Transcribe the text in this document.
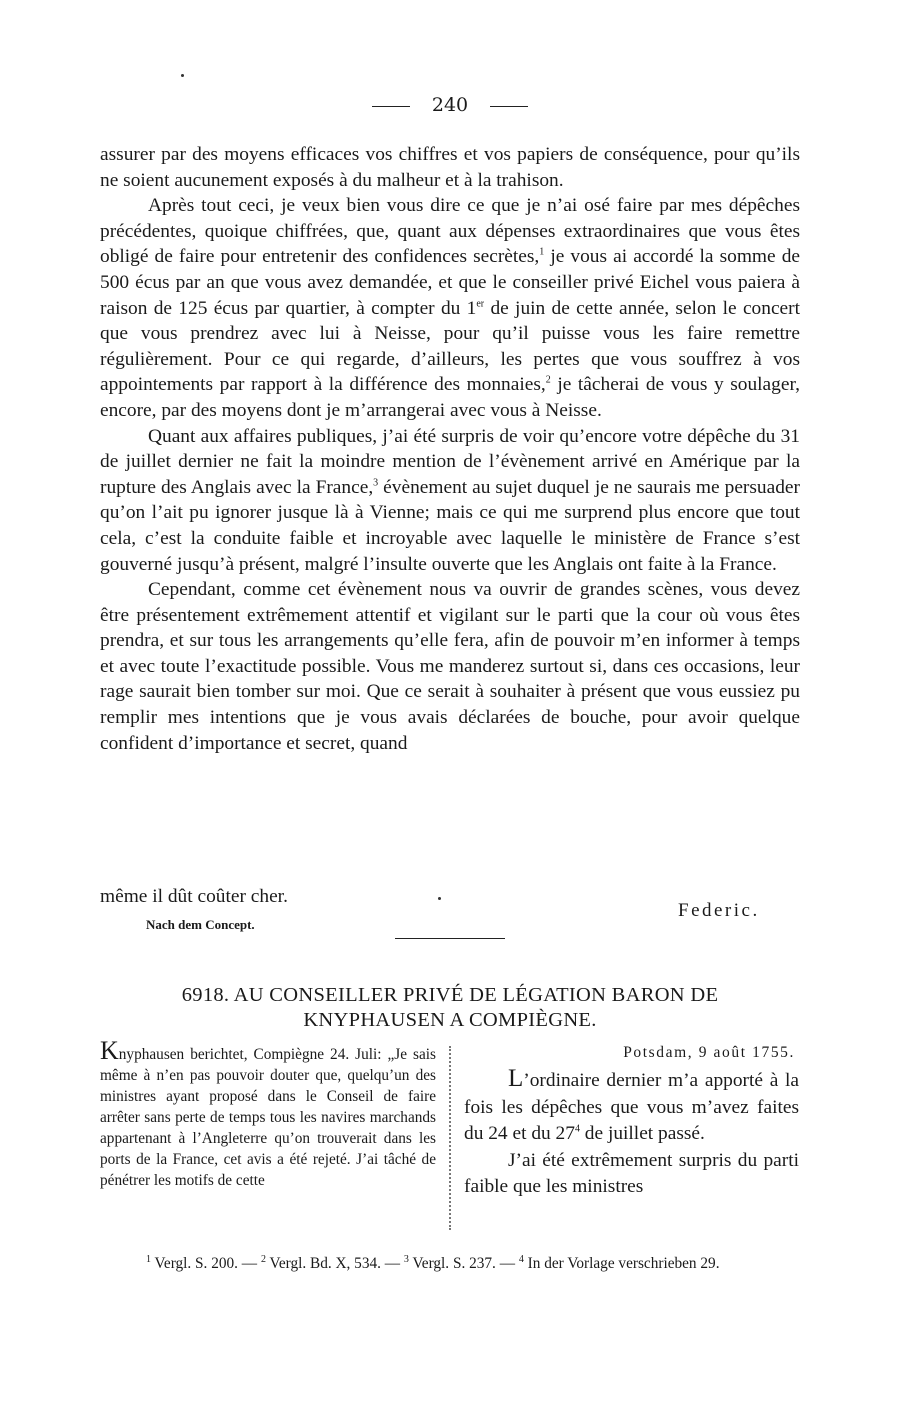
240

assurer par des moyens efficaces vos chiffres et vos papiers de conséquence, pour qu’ils ne soient aucunement exposés à du malheur et à la trahison.

Après tout ceci, je veux bien vous dire ce que je n’ai osé faire par mes dépêches précédentes, quoique chiffrées, que, quant aux dépenses extraordinaires que vous êtes obligé de faire pour entretenir des confidences secrètes,$^1$ je vous ai accordé la somme de 500 écus par an que vous avez demandée, et que le conseiller privé Eichel vous paiera à raison de 125 écus par quartier, à compter du 1er de juin de cette année, selon le concert que vous prendrez avec lui à Neisse, pour qu’il puisse vous les faire remettre régulièrement. Pour ce qui regarde, d’ailleurs, les pertes que vous souffrez à vos appointements par rapport à la différence des monnaies,$^2$ je tâcherai de vous y soulager, encore, par des moyens dont je m’arrangerai avec vous à Neisse.

Quant aux affaires publiques, j’ai été surpris de voir qu’encore votre dépêche du 31 de juillet dernier ne fait la moindre mention de l’évènement arrivé en Amérique par la rupture des Anglais avec la France,$^3$ évènement au sujet duquel je ne saurais me persuader qu’on l’ait pu ignorer jusque là à Vienne; mais ce qui me surprend plus encore que tout cela, c’est la conduite faible et incroyable avec laquelle le ministère de France s’est gouverné jusqu’à présent, malgré l’insulte ouverte que les Anglais ont faite à la France.

Cependant, comme cet évènement nous va ouvrir de grandes scènes, vous devez être présentement extrêmement attentif et vigilant sur le parti que la cour où vous êtes prendra, et sur tous les arrangements qu’elle fera, afin de pouvoir m’en informer à temps et avec toute l’exactitude possible. Vous me manderez surtout si, dans ces occasions, leur rage saurait bien tomber sur moi. Que ce serait à souhaiter à présent que vous eussiez pu remplir mes intentions que je vous avais déclarées de bouche, pour avoir quelque confident d’importance et secret, quand

même il dût coûter cher.
Federic.
Nach dem Concept.
6918. AU CONSEILLER PRIVÉ DE LÉGATION BARON DE
KNYPHAUSEN A COMPIÈGNE.

Knyphausen berichtet, Compiègne 24. Juli: „Je sais même à n’en pas pouvoir douter que, quelqu’un des ministres ayant proposé dans le Conseil de faire arrêter sans perte de temps tous les navires marchands appartenant à l’Angleterre qu’on trouverait dans les ports de la France, cet avis a été rejeté. J’ai tâché de pénétrer les motifs de cette

Potsdam, 9 août 1755.

L’ordinaire dernier m’a apporté à la fois les dépêches que vous m’avez faites du 24 et du $27^4$ de juillet passé.

J’ai été extrêmement surpris du parti faible que les ministres

$^1$ Vergl. S. 200. — $^2$ Vergl. Bd. X, 534. — $^3$ Vergl. S. 237. — $^4$ In der Vorlage verschrieben 29.
